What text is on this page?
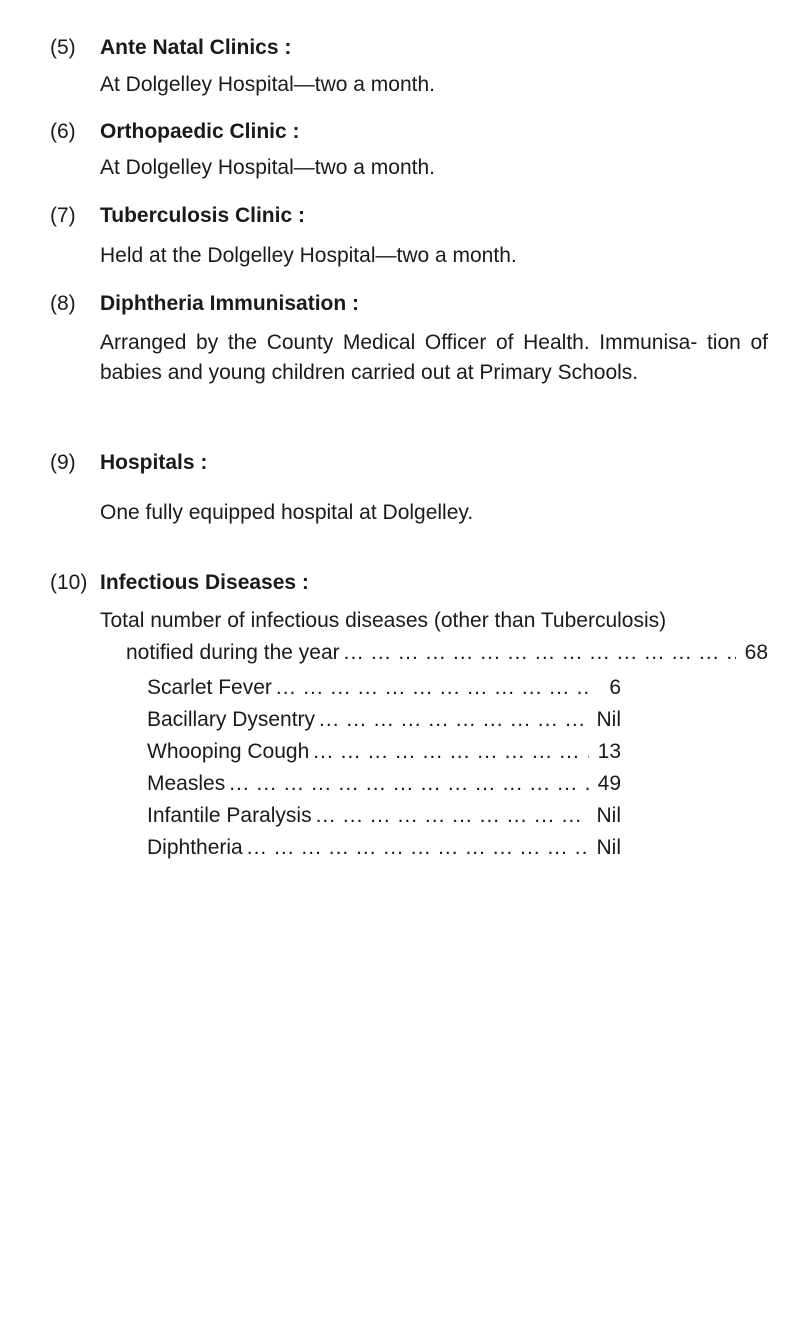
(5) Ante Natal Clinics :
At Dolgelley Hospital—two a month.
(6) Orthopaedic Clinic :
At Dolgelley Hospital—two a month.
(7) Tuberculosis Clinic :
Held at the Dolgelley Hospital—two a month.
(8) Diphtheria Immunisation :
Arranged by the County Medical Officer of Health. Immunisa- tion of babies and young children carried out at Primary Schools.
(9) Hospitals :
One fully equipped hospital at Dolgelley.
(10) Infectious Diseases :
Total number of infectious diseases (other than Tuberculosis)
notified during the year ... .	68
Scarlet Fever ... .	6
Bacillary Dysentry ... .	Nil
Whooping Cough ... .	13
Measles ... .	49
Infantile Paralysis ... .	Nil
Diphtheria ... .	Nil
